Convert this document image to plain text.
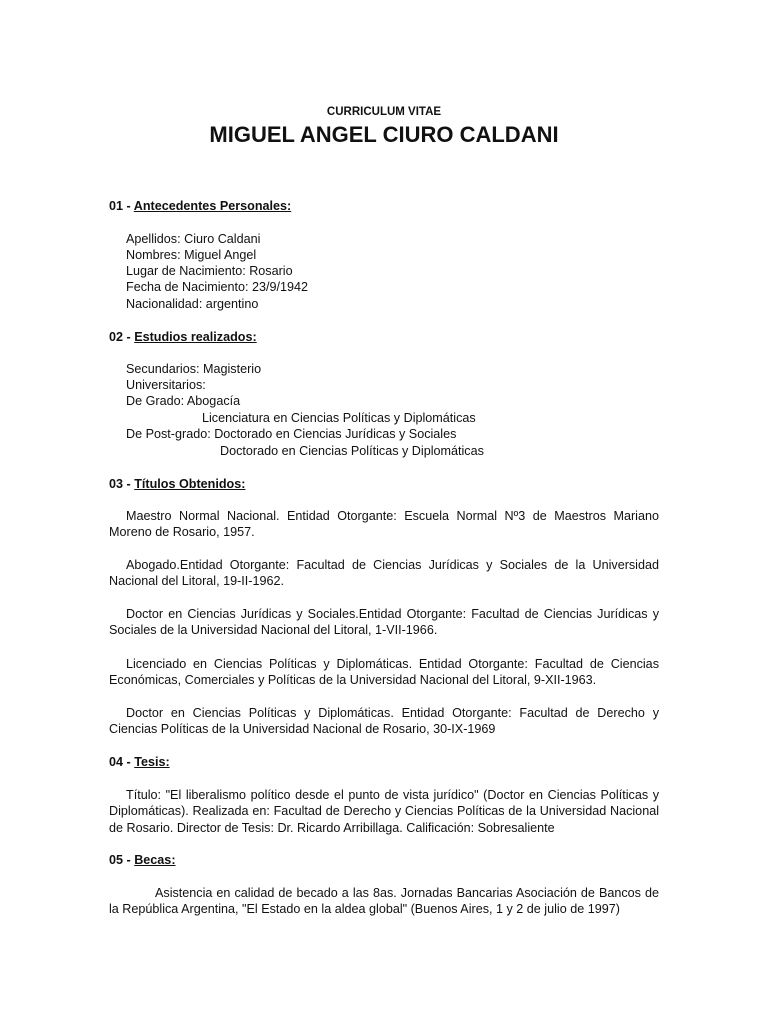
CURRICULUM VITAE
MIGUEL ANGEL CIURO CALDANI
01 - Antecedentes Personales:
Apellidos: Ciuro Caldani
Nombres: Miguel Angel
Lugar de Nacimiento: Rosario
Fecha de Nacimiento: 23/9/1942
Nacionalidad: argentino
02 - Estudios realizados:
Secundarios: Magisterio
Universitarios:
De Grado: Abogacía
Licenciatura en Ciencias Políticas y Diplomáticas
De Post-grado: Doctorado en Ciencias Jurídicas y Sociales
Doctorado en Ciencias Políticas y Diplomáticas
03 - Títulos Obtenidos:
Maestro Normal Nacional. Entidad Otorgante: Escuela Normal Nº3 de Maestros Mariano Moreno de Rosario, 1957.
Abogado.Entidad Otorgante: Facultad de Ciencias Jurídicas y Sociales de la Universidad Nacional del Litoral, 19-II-1962.
Doctor en Ciencias Jurídicas y Sociales.Entidad Otorgante: Facultad de Ciencias Jurídicas y Sociales de la Universidad Nacional del Litoral, 1-VII-1966.
Licenciado en Ciencias Políticas y Diplomáticas. Entidad Otorgante: Facultad de Ciencias Económicas, Comerciales y Políticas de la Universidad Nacional del Litoral, 9-XII-1963.
Doctor en Ciencias Políticas y Diplomáticas. Entidad Otorgante: Facultad de Derecho y Ciencias Políticas de la Universidad Nacional de Rosario, 30-IX-1969
04 - Tesis:
Título: "El liberalismo político desde el punto de vista jurídico" (Doctor en Ciencias Políticas y Diplomáticas). Realizada en: Facultad de Derecho y Ciencias Políticas de la Universidad Nacional de Rosario. Director de Tesis: Dr. Ricardo Arribillaga. Calificación: Sobresaliente
05 - Becas:
Asistencia en calidad de becado a las 8as. Jornadas Bancarias Asociación de Bancos de la República Argentina, "El Estado en la aldea global" (Buenos Aires, 1 y 2 de julio de 1997)
